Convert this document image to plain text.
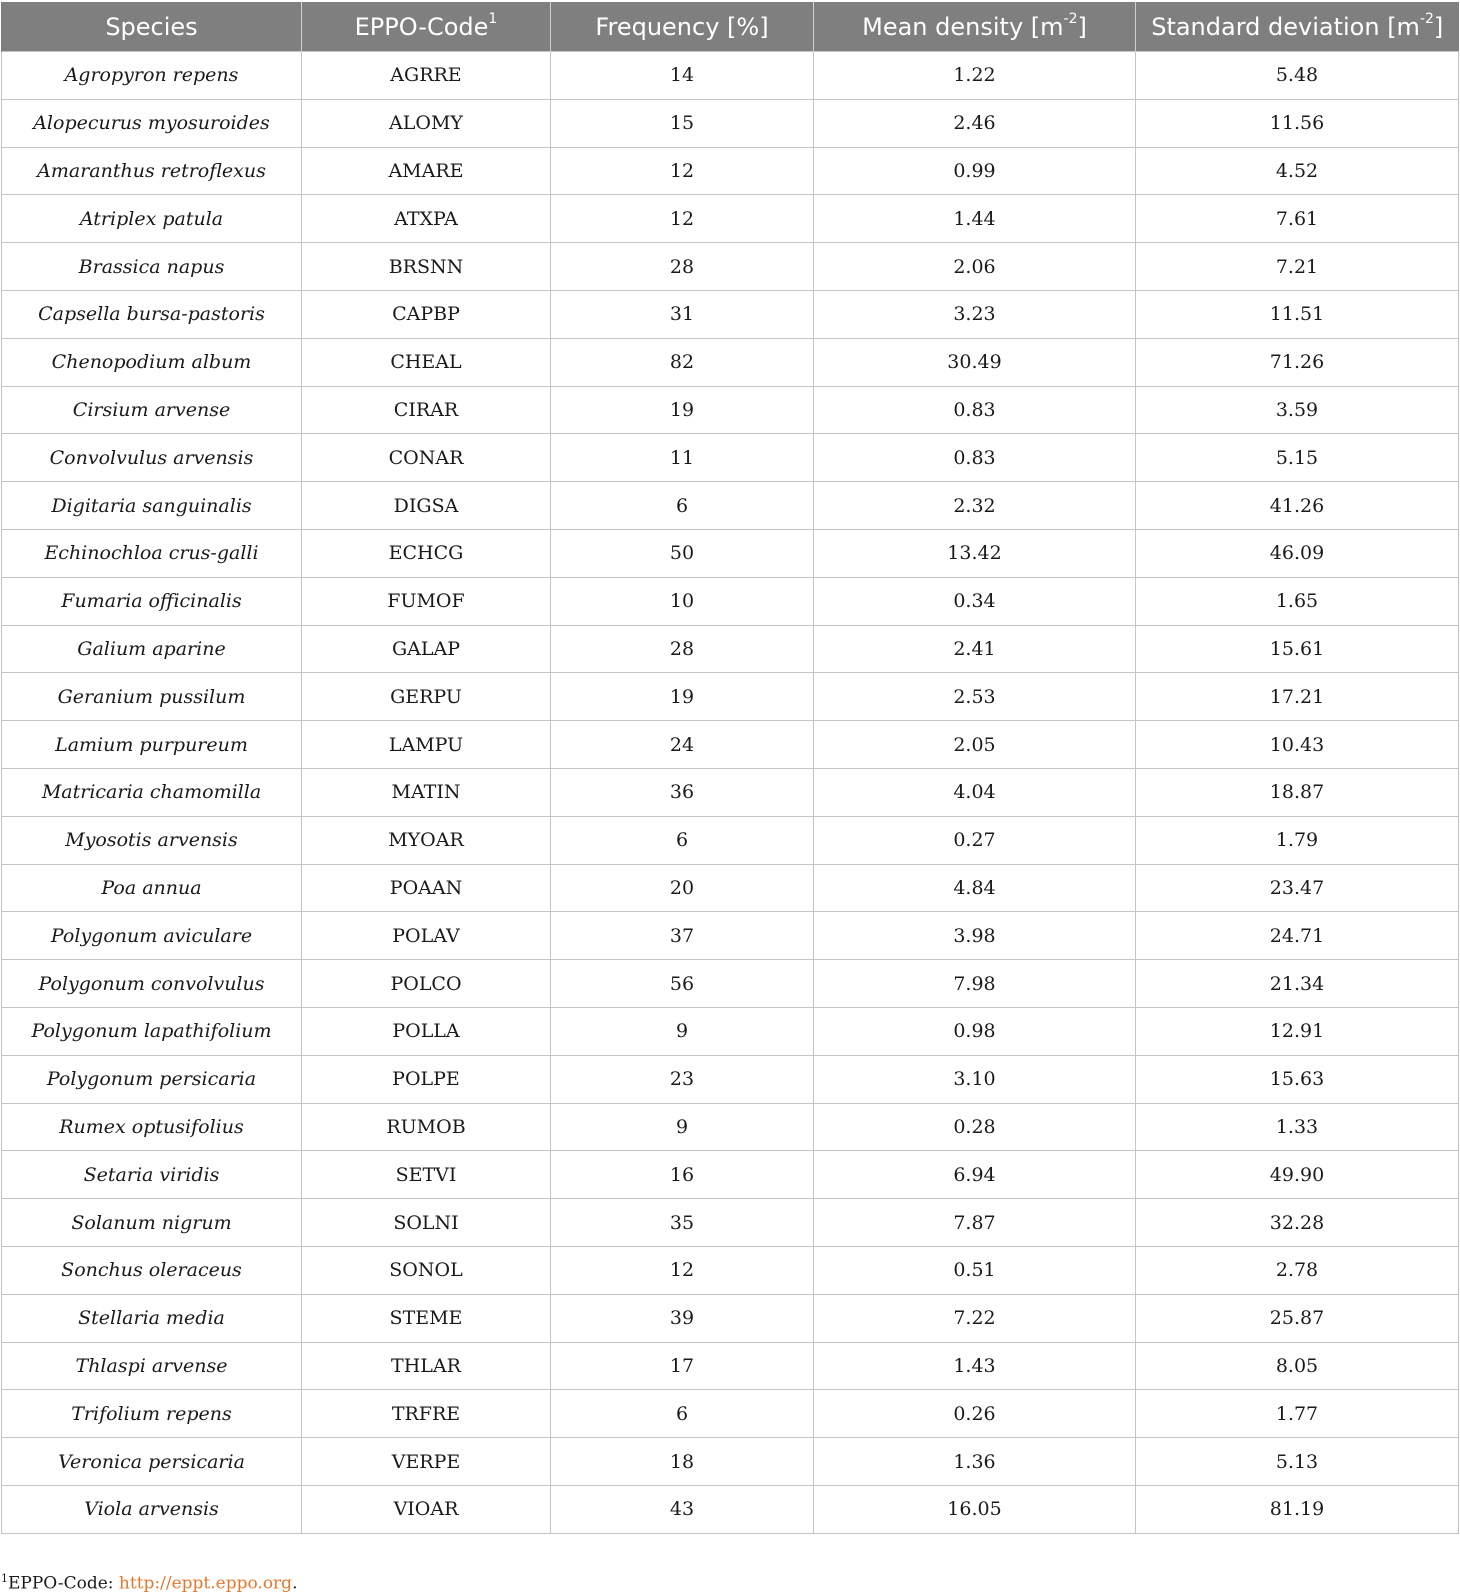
Species	EPPO-Code$^1$	Frequency [%]	Mean density $[m^{-2}]$	Standard deviation $[m^{-2}]$
Agropyron repens	AGRRE	14	1.22	5.48
Alopecurus myosuroides	ALOMY	15	2.46	11.56
Amaranthus retroflexus	AMARE	12	0.99	4.52
Atriplex patula	ATXPA	12	1.44	7.61
Brassica napus	BRSNN	28	2.06	7.21
Capsella bursa-pastoris	CAPBP	31	3.23	11.51
Chenopodium album	CHEAL	82	30.49	71.26
Cirsium arvense	CIRAR	19	0.83	3.59
Convolvulus arvensis	CONAR	11	0.83	5.15
Digitaria sanguinalis	DIGSA	6	2.32	41.26
Echinochloa crus-galli	ECHCG	50	13.42	46.09
Fumaria officinalis	FUMOF	10	0.34	1.65
Galium aparine	GALAP	28	2.41	15.61
Geranium pussilum	GERPU	19	2.53	17.21
Lamium purpureum	LAMPU	24	2.05	10.43
Matricaria chamomilla	MATIN	36	4.04	18.87
Myosotis arvensis	MYOAR	6	0.27	1.79
Poa annua	POAAN	20	4.84	23.47
Polygonum aviculare	POLAV	37	3.98	24.71
Polygonum convolvulus	POLCO	56	7.98	21.34
Polygonum lapathifolium	POLLA	9	0.98	12.91
Polygonum persicaria	POLPE	23	3.10	15.63
Rumex optusifolius	RUMOB	9	0.28	1.33
Setaria viridis	SETVI	16	6.94	49.90
Solanum nigrum	SOLNI	35	7.87	32.28
Sonchus oleraceus	SONOL	12	0.51	2.78
Stellaria media	STEME	39	7.22	25.87
Thlaspi arvense	THLAR	17	1.43	8.05
Trifolium repens	TRFRE	6	0.26	1.77
Veronica persicaria	VERPE	18	1.36	5.13
Viola arvensis	VIOAR	43	16.05	81.19
$^1$EPPO-Code: http://eppt.eppo.org.
